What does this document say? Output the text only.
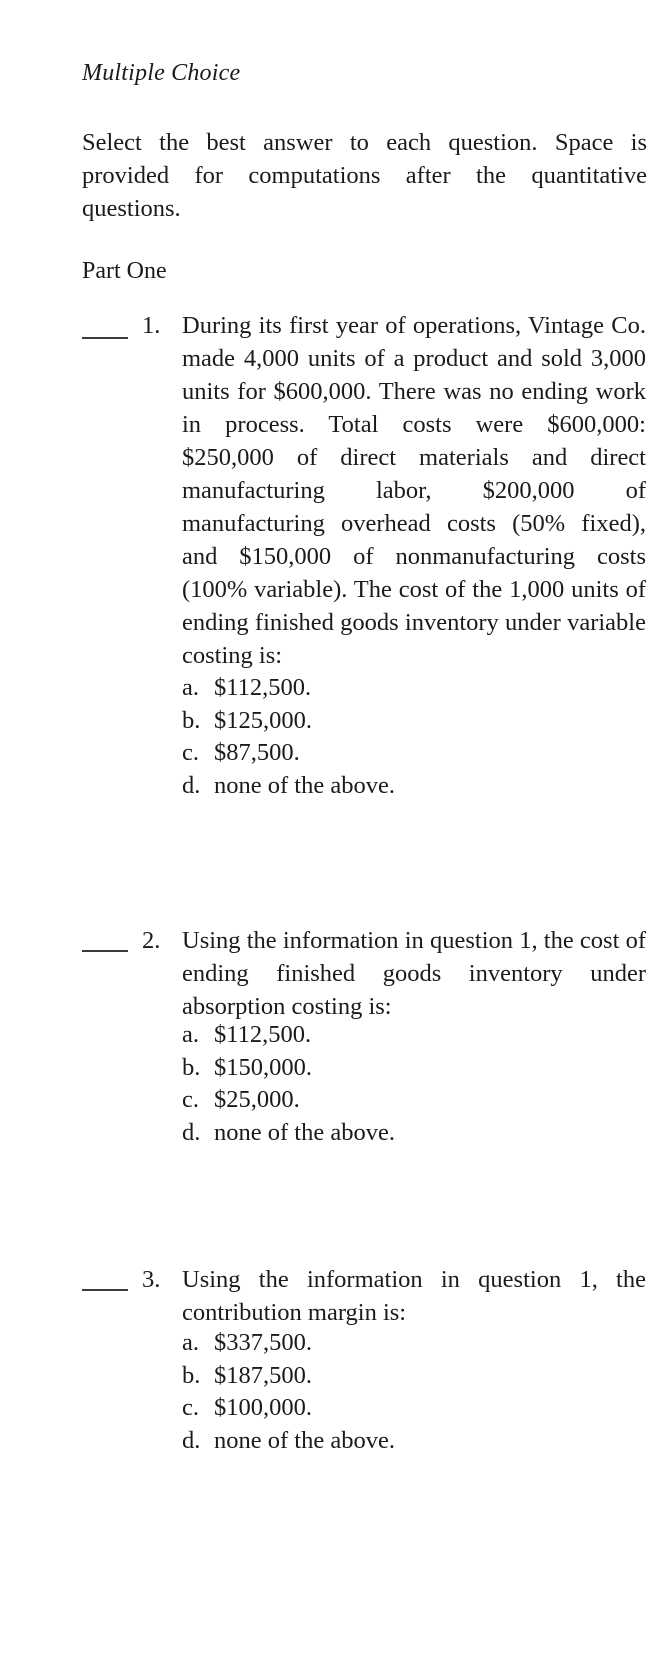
Multiple Choice
Select the best answer to each question. Space is provided for computations after the quantitative questions.
Part One
1. During its first year of operations, Vintage Co. made 4,000 units of a product and sold 3,000 units for $600,000. There was no ending work in process. Total costs were $600,000: $250,000 of direct materials and direct manufacturing labor, $200,000 of manufacturing overhead costs (50% fixed), and $150,000 of nonmanufacturing costs (100% variable). The cost of the 1,000 units of ending finished goods inventory under variable costing is:
a. $112,500.
b. $125,000.
c. $87,500.
d. none of the above.
2. Using the information in question 1, the cost of ending finished goods inventory under absorption costing is:
a. $112,500.
b. $150,000.
c. $25,000.
d. none of the above.
3. Using the information in question 1, the contribution margin is:
a. $337,500.
b. $187,500.
c. $100,000.
d. none of the above.
